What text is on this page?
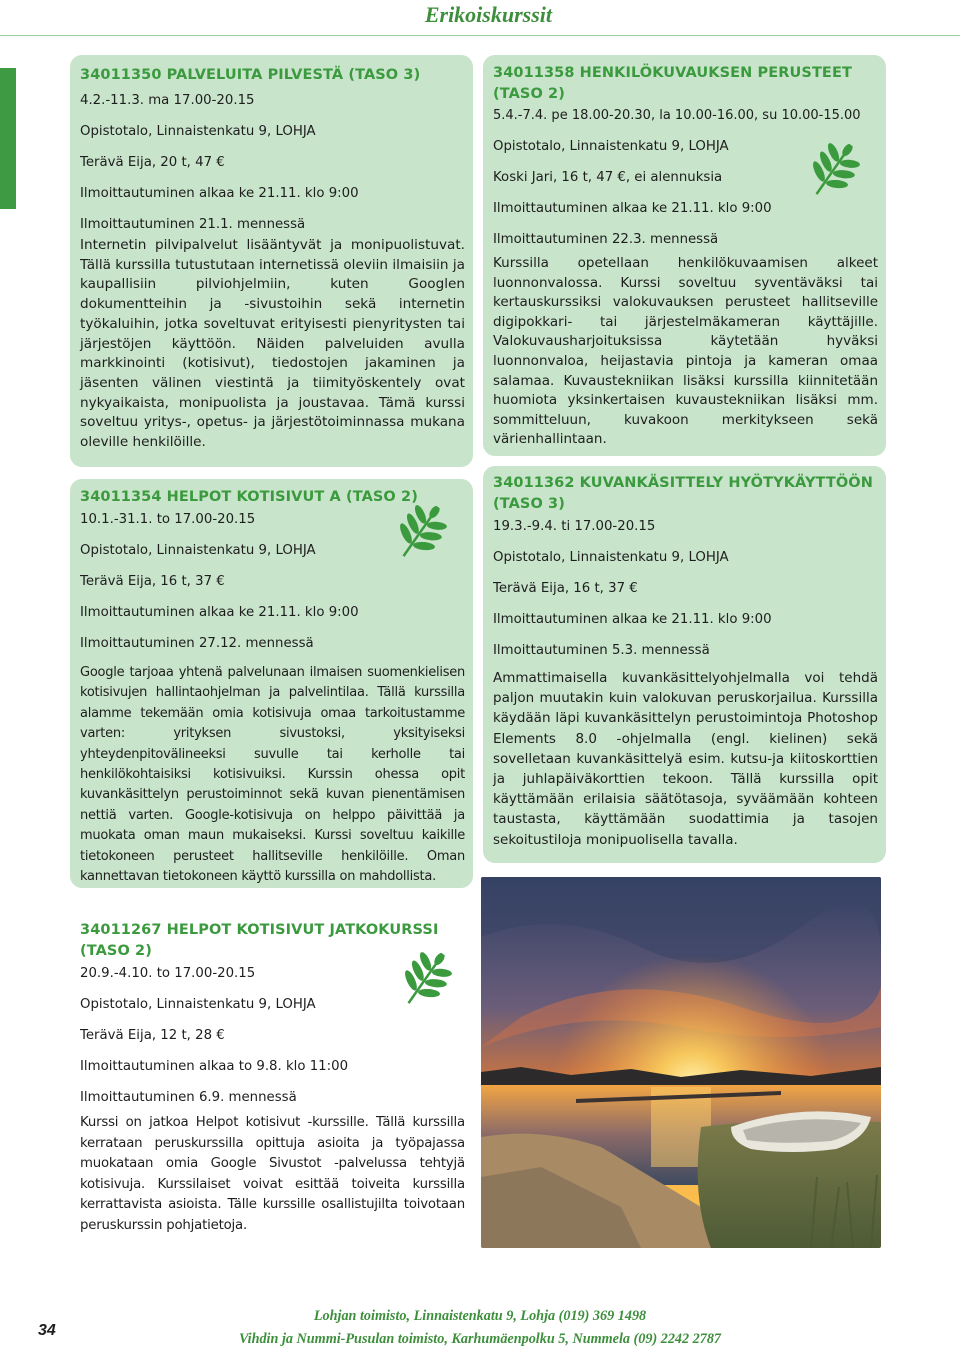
Erikoiskurssit
34011350 PALVELUITA PILVESTÄ (TASO 3)

4.2.-11.3. ma 17.00-20.15

Opistotalo, Linnaistenkatu 9, LOHJA

Terävä Eija, 20 t, 47 €

Ilmoittautuminen alkaa ke 21.11. klo 9:00

Ilmoittautuminen 21.1. mennessä

Internetin pilvipalvelut lisääntyvät ja monipuolistuvat. Tällä kurssilla tutustutaan internetissä oleviin ilmaisiin ja kaupallisiin pilviohjelmiin, kuten Googlen dokumentteihin ja -sivustoihin sekä internetin työkaluihin, jotka soveltuvat erityisesti pienyritysten tai järjestöjen käyttöön. Näiden palveluiden avulla markkinointi (kotisivut), tiedostojen jakaminen ja jäsenten välinen viestintä ja tiimityöskentely ovat nykyaikaista, monipuolista ja joustavaa. Tämä kurssi soveltuu yritys-, opetus- ja järjestötoiminnassa mukana oleville henkilöille.

34011354 HELPOT KOTISIVUT A (TASO 2)

10.1.-31.1. to 17.00-20.15

Opistotalo, Linnaistenkatu 9, LOHJA

Terävä Eija, 16 t, 37 €

Ilmoittautuminen alkaa ke 21.11. klo 9:00

Ilmoittautuminen 27.12. mennessä

Google tarjoaa yhtenä palvelunaan ilmaisen suomenkielisen kotisivujen hallintaohjelman ja palvelintilaa. Tällä kurssilla alamme tekemään omia kotisivuja omaa tarkoitustamme varten: yrityksen sivustoksi, yksityiseksi yhteydenpitovälineeksi suvulle tai kerholle tai henkilökohtaisiksi kotisivuiksi. Kurssin ohessa opit kuvankäsittelyn perustoiminnot sekä kuvan pienentämisen nettiä varten. Google-kotisivuja on helppo päivittää ja muokata oman maun mukaiseksi. Kurssi soveltuu kaikille tietokoneen perusteet hallitseville henkilöille. Oman kannettavan tietokoneen käyttö kurssilla on mahdollista.

34011267 HELPOT KOTISIVUT JATKOKURSSI (TASO 2)

20.9.-4.10. to 17.00-20.15

Opistotalo, Linnaistenkatu 9, LOHJA

Terävä Eija, 12 t, 28 €

Ilmoittautuminen alkaa to 9.8. klo 11:00

Ilmoittautuminen 6.9. mennessä

Kurssi on jatkoa Helpot kotisivut -kurssille. Tällä kurssilla kerrataan peruskurssilla opittuja asioita ja työpajassa muokataan omia Google Sivustot -palvelussa tehtyjä kotisivuja. Kurssilaiset voivat esittää toiveita kurssilla kerrattavista asioista. Tälle kurssille osallistujilta toivotaan peruskurssin pohjatietoja.

34011358 HENKILÖKUVAUKSEN PERUSTEET (TASO 2)

5.4.-7.4. pe 18.00-20.30, la 10.00-16.00, su 10.00-15.00

Opistotalo, Linnaistenkatu 9, LOHJA

Koski Jari, 16 t, 47 €, ei alennuksia

Ilmoittautuminen alkaa ke 21.11. klo 9:00

Ilmoittautuminen 22.3. mennessä

Kurssilla opetellaan henkilökuvaamisen alkeet luonnonvalossa. Kurssi soveltuu syventäväksi tai kertauskurssiksi valokuvauksen perusteet hallitseville digipokkari- tai järjestelmäkameran käyttäjille. Valokuvausharjoituksissa käytetään hyväksi luonnonvaloa, heijastavia pintoja ja kameran omaa salamaa. Kuvaustekniikan lisäksi kurssilla kiinnitetään huomiota yksinkertaisen kuvaustekniikan lisäksi mm. sommitteluun, kuvakoon merkitykseen sekä värienhallintaan.

34011362 KUVANKÄSITTELY HYÖTYKÄYTTÖÖN (TASO 3)

19.3.-9.4. ti 17.00-20.15

Opistotalo, Linnaistenkatu 9, LOHJA

Terävä Eija, 16 t, 37 €

Ilmoittautuminen alkaa ke 21.11. klo 9:00

Ilmoittautuminen 5.3. mennessä

Ammattimaisella kuvankäsittelyohjelmalla voi tehdä paljon muutakin kuin valokuvan peruskorjailua. Kurssilla käydään läpi kuvankäsittelyn perustoimintoja Photoshop Elements 8.0 -ohjelmalla (engl. kielinen) sekä sovelletaan kuvankäsittelyä esim. kutsu-ja kiitoskorttien ja juhlapäiväkorttien tekoon. Tällä kurssilla opit käyttämään erilaisia säätötasoja, syväämään kohteen taustasta, käyttämään suodattimia ja tasojen sekoitustiloja monipuolisella tavalla.

34
Lohjan toimisto, Linnaistenkatu 9, Lohja (019) 369 1498
Vihdin ja Nummi-Pusulan toimisto, Karhumäenpolku 5, Nummela (09) 2242 2787
